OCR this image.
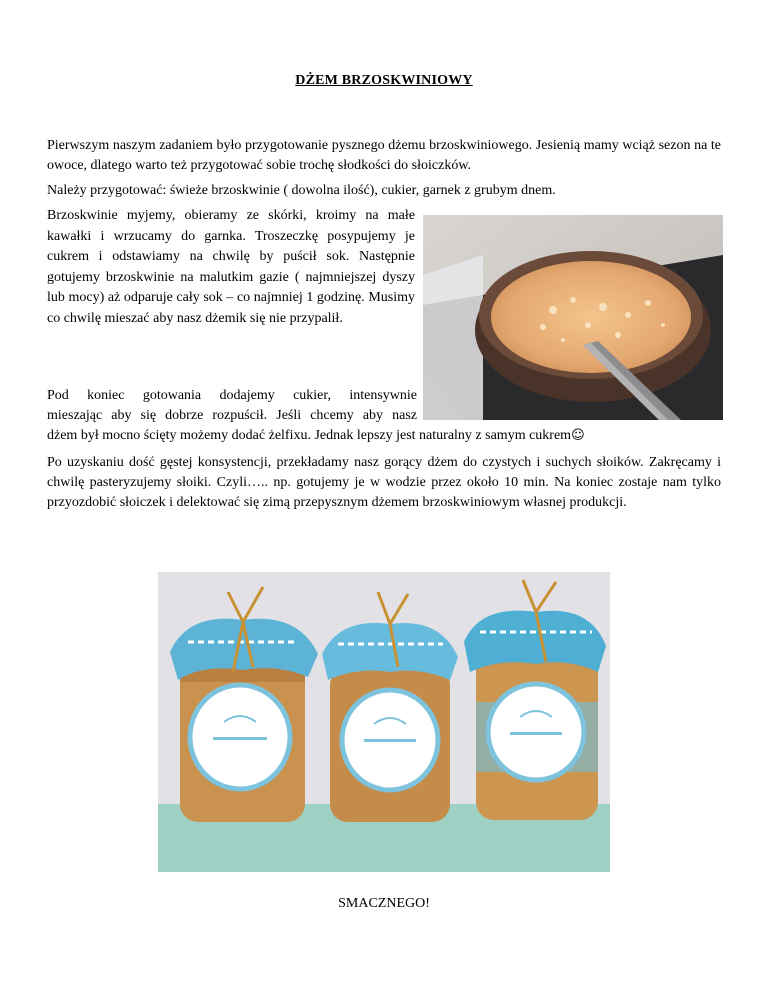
DŻEM BRZOSKWINIOWY

Pierwszym naszym zadaniem było przygotowanie pysznego dżemu brzoskwiniowego. Jesienią mamy wciąż sezon na te owoce, dlatego warto też przygotować sobie trochę słodkości do słoiczków.

Należy przygotować: świeże brzoskwinie ( dowolna ilość), cukier, garnek z grubym dnem.

Brzoskwinie myjemy, obieramy ze skórki, kroimy na małe kawałki i wrzucamy do garnka. Troszeczkę posypujemy je cukrem i odstawiamy na chwilę by puścił sok. Następnie gotujemy brzoskwinie na malutkim gazie ( najmniejszej dyszy lub mocy) aż odparuje cały sok – co najmniej 1 godzinę. Musimy co chwilę mieszać aby nasz dżemik się nie przypalił.

Pod koniec gotowania dodajemy cukier, intensywnie
mieszając aby się dobrze rozpuścił. Jeśli chcemy aby nasz
dżem był mocno ścięty możemy dodać żelfixu. Jednak lepszy jest naturalny z samym cukrem☺

Po uzyskaniu dość gęstej konsystencji, przekładamy nasz gorący dżem do czystych i suchych słoików. Zakręcamy i chwilę pasteryzujemy słoiki. Czyli….. np. gotujemy je w wodzie przez około 10 min. Na koniec zostaje nam tylko przyozdobić słoiczek i delektować się zimą przepysznym dżemem brzoskwiniowym własnej produkcji.

SMACZNEGO!
